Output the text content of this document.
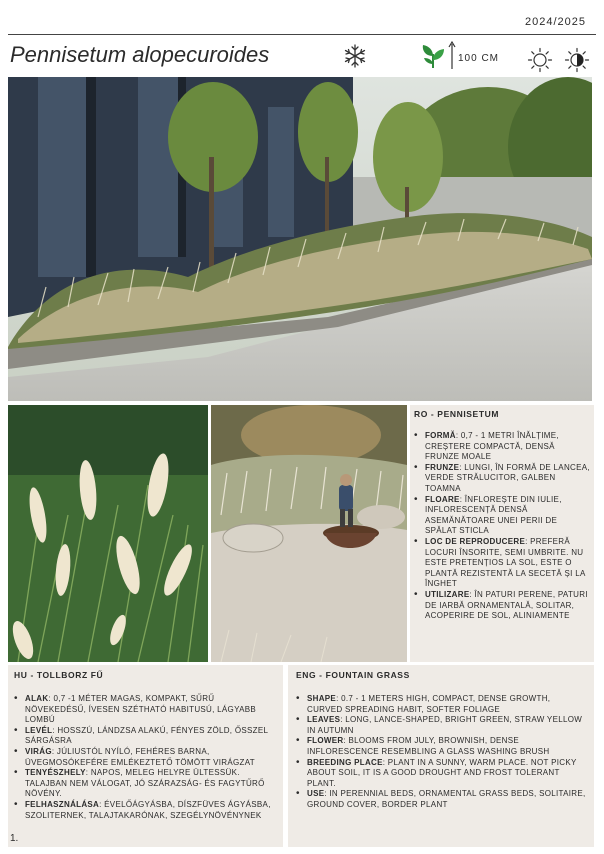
2024/2025
Pennisetum alopecuroides	100 CM
RO - PENNISETUM
• FORMĂ: 0,7 - 1 METRI ÎNĂLȚIME, CREȘTERE COMPACTĂ, DENSĂ FRUNZE MOALE
• FRUNZE: LUNGI, ÎN FORMĂ DE LANCEA, VERDE STRĂLUCITOR, GALBEN TOAMNA
• FLOARE: ÎNFLOREȘTE DIN IULIE, INFLORESCENȚĂ DENSĂ ASEMĂNĂTOARE UNEI PERII DE SPĂLAT STICLA
• LOC DE REPRODUCERE: PREFERĂ LOCURI ÎNSORITE, SEMI UMBRITE. NU ESTE PRETENȚIOS LA SOL, ESTE O PLANTĂ REZISTENTĂ LA SECETĂ ȘI LA ÎNGHET
• UTILIZARE: ÎN PATURI PERENE, PATURI DE IARBĂ ORNAMENTALĂ, SOLITAR, ACOPERIRE DE SOL, ALINIAMENTE
HU - TOLLBORZ FŰ
• ALAK: 0,7 -1 MÉTER MAGAS, KOMPAKT, SŰRŰ NÖVEKEDÉSŰ, ÍVESEN SZÉTHATÓ HABITUSÚ, LÁGYABB LOMBÚ
• LEVÉL: HOSSZÚ, LÁNDZSA ALAKÚ, FÉNYES ZÖLD, ŐSSZEL SÁRGÁSRA
• VIRÁG: JÚLIUSTÓL NYÍLÓ, FEHÉRES BARNA, ÜVEGMOSÓKEFÉRE EMLÉKEZTETŐ TÖMÖTT VIRÁGZAT
• TENYÉSZHELY: NAPOS, MELEG HELYRE ÜLTESSÜK. TALAJBAN NEM VÁLOGAT, JÓ SZÁRAZSÁG- ÉS FAGYTŰRŐ NÖVÉNY.
• FELHASZNÁLÁSA: ÉVELŐÁGYÁSBA, DÍSZFÜVES ÁGYÁSBA, SZOLITERNEK, TALAJTAKARÓNAK, SZEGÉLYNÖVÉNYNEK
ENG - FOUNTAIN GRASS
• SHAPE: 0.7 - 1 METERS HIGH, COMPACT, DENSE GROWTH, CURVED SPREADING HABIT, SOFTER FOLIAGE
• LEAVES: LONG, LANCE-SHAPED, BRIGHT GREEN, STRAW YELLOW IN AUTUMN
• FLOWER: BLOOMS FROM JULY, BROWNISH, DENSE INFLORESCENCE RESEMBLING A GLASS WASHING BRUSH
• BREEDING PLACE: PLANT IN A SUNNY, WARM PLACE. NOT PICKY ABOUT SOIL, IT IS A GOOD DROUGHT AND FROST TOLERANT PLANT.
• USE: IN PERENNIAL BEDS, ORNAMENTAL GRASS BEDS, SOLITAIRE, GROUND COVER, BORDER PLANT
1.
